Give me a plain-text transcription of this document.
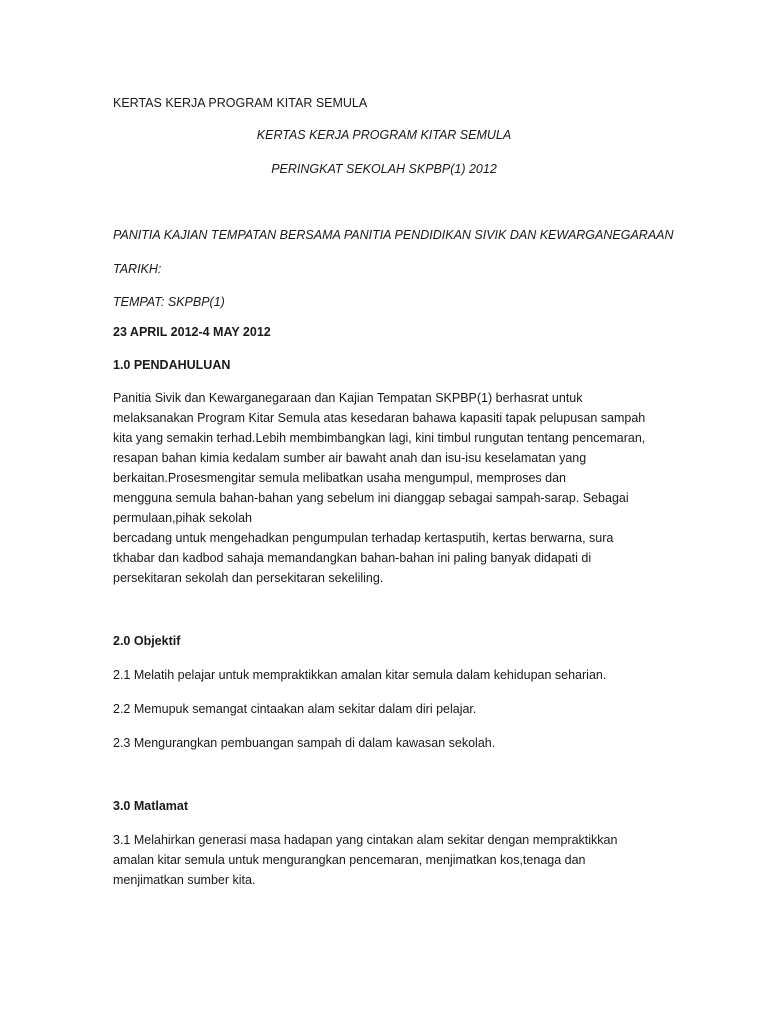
KERTAS KERJA PROGRAM KITAR SEMULA
KERTAS KERJA PROGRAM KITAR SEMULA
PERINGKAT SEKOLAH SKPBP(1) 2012
PANITIA KAJIAN TEMPATAN BERSAMA PANITIA PENDIDIKAN SIVIK DAN KEWARGANEGARAAN
TARIKH:
TEMPAT: SKPBP(1)
23 APRIL 2012-4 MAY 2012
1.0 PENDAHULUAN
Panitia Sivik dan Kewarganegaraan dan Kajian Tempatan SKPBP(1) berhasrat untuk
melaksanakan Program Kitar Semula atas kesedaran bahawa kapasiti tapak pelupusan sampah
kita yang semakin terhad.Lebih membimbangkan lagi, kini timbul rungutan tentang pencemaran,
resapan bahan kimia kedalam sumber air bawaht anah dan isu-isu keselamatan yang
berkaitan.Prosesmengitar semula melibatkan usaha mengumpul, memproses dan
mengguna semula bahan-bahan yang sebelum ini dianggap sebagai sampah-sarap. Sebagai
permulaan,pihak sekolah
bercadang untuk mengehadkan pengumpulan terhadap kertasputih, kertas berwarna, sura
tkhabar dan kadbod sahaja memandangkan bahan-bahan ini paling banyak didapati di
persekitaran sekolah dan persekitaran sekeliling.
2.0 Objektif
2.1 Melatih pelajar untuk mempraktikkan amalan kitar semula dalam kehidupan seharian.
2.2 Memupuk semangat cintaakan alam sekitar dalam diri pelajar.
2.3 Mengurangkan pembuangan sampah di dalam kawasan sekolah.
3.0 Matlamat
3.1 Melahirkan generasi masa hadapan yang cintakan alam sekitar dengan mempraktikkan
amalan kitar semula untuk mengurangkan pencemaran, menjimatkan kos,tenaga dan
menjimatkan sumber kita.
